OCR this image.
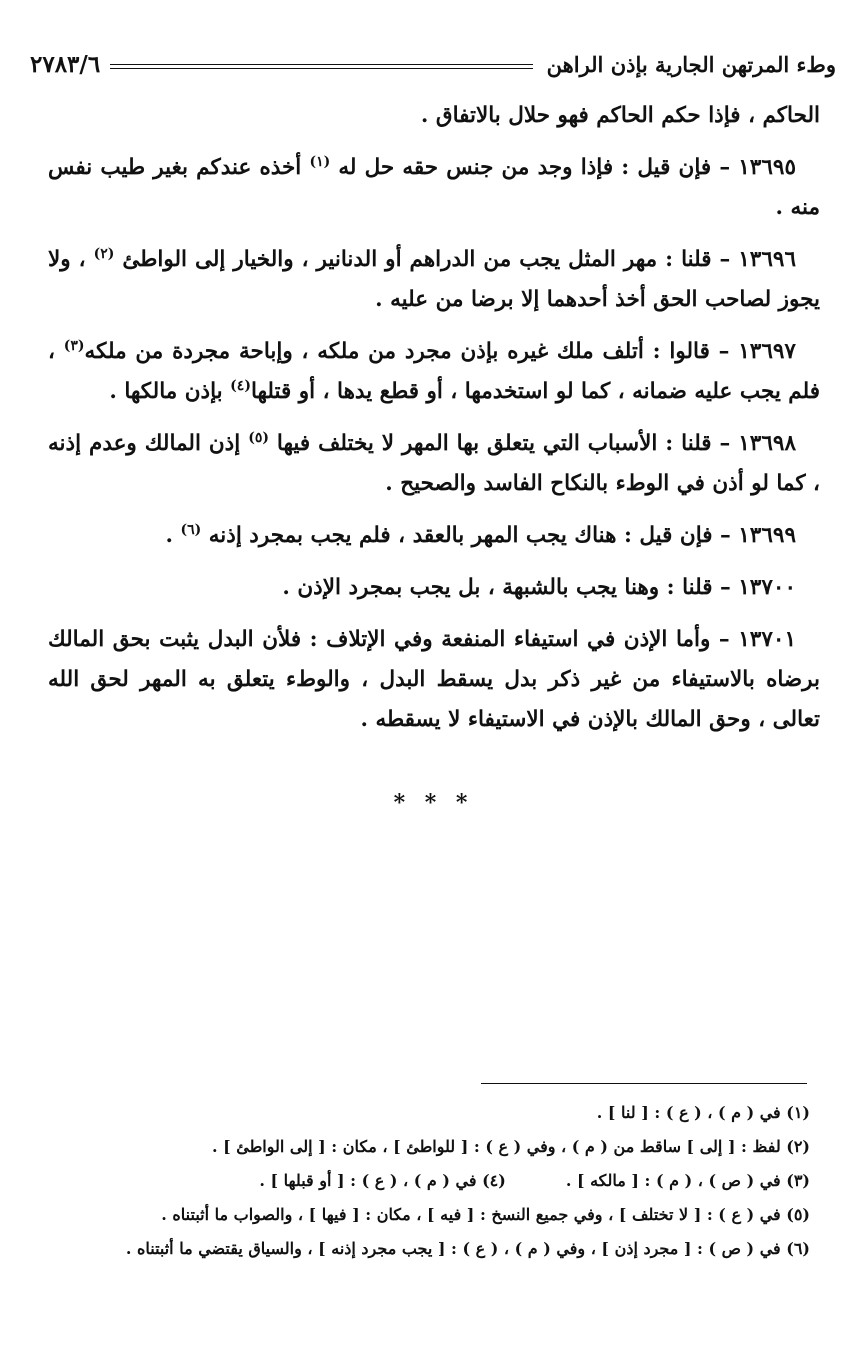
وطء المرتهن الجارية بإذن الراهن
٢٧٨٣/٦

الحاكم ، فإذا حكم الحاكم فهو حلال بالاتفاق .

١٣٦٩٥ – فإن قيل : فإذا وجد من جنس حقه حل له $^{(١)}$ أخذه عندكم بغير طيب نفس منه .

١٣٦٩٦ – قلنا : مهر المثل يجب من الدراهم أو الدنانير ، والخيار إلى الواطئ $^{(٢)}$ ، ولا يجوز لصاحب الحق أخذ أحدهما إلا برضا من عليه .

١٣٦٩٧ – قالوا : أتلف ملك غيره بإذن مجرد من ملكه ، وإباحة مجردة من ملكه$^{(٣)}$ ، فلم يجب عليه ضمانه ، كما لو استخدمها ، أو قطع يدها ، أو قتلها$^{(٤)}$ بإذن مالكها .

١٣٦٩٨ – قلنا : الأسباب التي يتعلق بها المهر لا يختلف فيها $^{(٥)}$ إذن المالك وعدم إذنه ، كما لو أذن في الوطء بالنكاح الفاسد والصحيح .

١٣٦٩٩ – فإن قيل : هناك يجب المهر بالعقد ، فلم يجب بمجرد إذنه $^{(٦)}$ .

١٣٧٠٠ – قلنا : وهنا يجب بالشبهة ، بل يجب بمجرد الإذن .

١٣٧٠١ – وأما الإذن في استيفاء المنفعة وفي الإتلاف : فلأن البدل يثبت بحق المالك برضاه بالاستيفاء من غير ذكر بدل يسقط البدل ، والوطء يتعلق به المهر لحق الله تعالى ، وحق المالك بالإذن في الاستيفاء لا يسقطه .

* * *
(١) في ( م ) ، ( ع ) : [ لنا ] .
(٢) لفظ : [ إلى ] ساقط من ( م ) ، وفي ( ع ) : [ للواطئ ] ، مكان : [ إلى الواطئ ] .
(٣) في ( ص ) ، ( م ) : [ مالكه ] .
(٤) في ( م ) ، ( ع ) : [ أو قبلها ] .
(٥) في ( ع ) : [ لا تختلف ] ، وفي جميع النسخ : [ فيه ] ، مكان : [ فيها ] ، والصواب ما أثبتناه .
(٦) في ( ص ) : [ مجرد إذن ] ، وفي ( م ) ، ( ع ) : [ يجب مجرد إذنه ] ، والسياق يقتضي ما أثبتناه .
